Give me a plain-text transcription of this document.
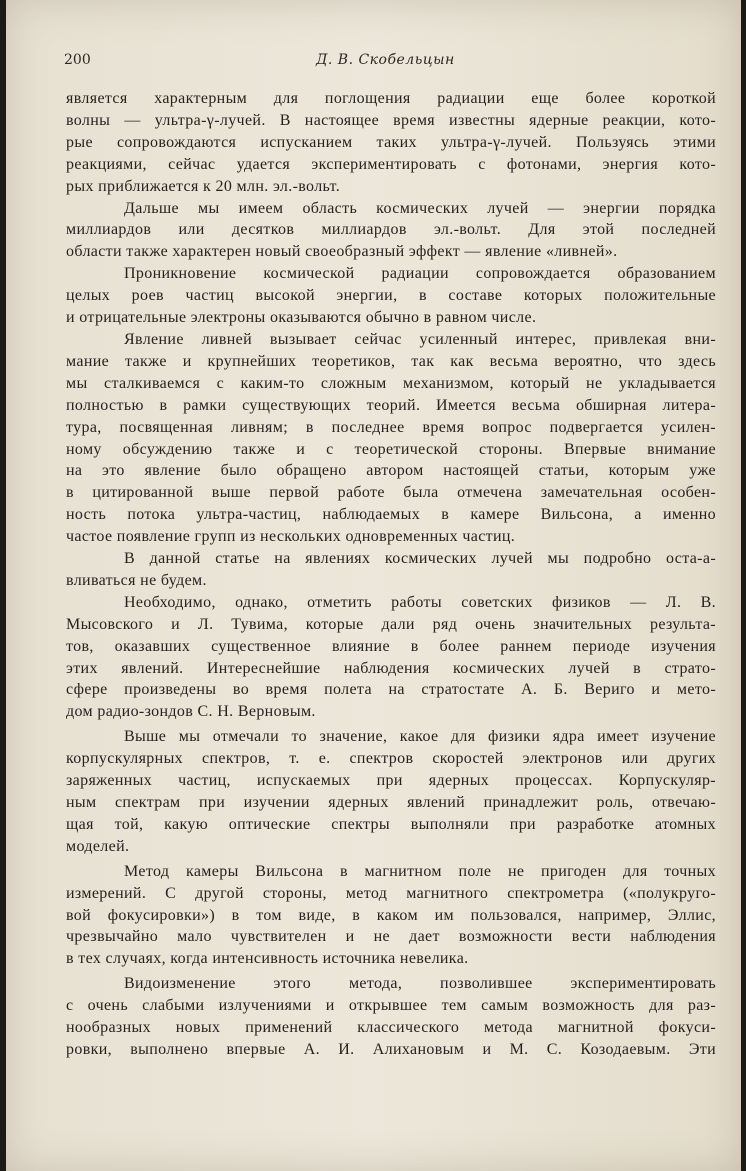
200	Д. В. Скобельцын
является характерным для поглощения радиации еще более короткой
волны — ультра-γ-лучей. В настоящее время известны ядерные реакции, кото-
рые сопровождаются испусканием таких ультра-γ-лучей. Пользуясь этими
реакциями, сейчас удается экспериментировать с фотонами, энергия кото-
рых приближается к 20 млн. эл.-вольт.
Дальше мы имеем область космических лучей — энергии порядка
миллиардов или десятков миллиардов эл.-вольт. Для этой последней
области также характерен новый своеобразный эффект — явление «ливней».
Проникновение космической радиации сопровождается образованием
целых роев частиц высокой энергии, в составе которых положительные
и отрицательные электроны оказываются обычно в равном числе.
Явление ливней вызывает сейчас усиленный интерес, привлекая вни-
мание также и крупнейших теоретиков, так как весьма вероятно, что здесь
мы сталкиваемся с каким-то сложным механизмом, который не укладывается
полностью в рамки существующих теорий. Имеется весьма обширная литера-
тура, посвященная ливням; в последнее время вопрос подвергается усилен-
ному обсуждению также и с теоретической стороны. Впервые внимание
на это явление было обращено автором настоящей статьи, которым уже
в цитированной выше первой работе была отмечена замечательная особен-
ность потока ультра-частиц, наблюдаемых в камере Вильсона, а именно
частое появление групп из нескольких одновременных частиц.
В данной статье на явлениях космических лучей мы подробно оста-а-
вливаться не будем.
Необходимо, однако, отметить работы советских физиков — Л. В.
Мысовского и Л. Тувима, которые дали ряд очень значительных результа-
тов, оказавших существенное влияние в более раннем периоде изучения
этих явлений. Интереснейшие наблюдения космических лучей в страто-
сфере произведены во время полета на стратостате А. Б. Вериго и мето-
дом радио-зондов С. Н. Верновым.
Выше мы отмечали то значение, какое для физики ядра имеет изучение
корпускулярных спектров, т. е. спектров скоростей электронов или других
заряженных частиц, испускаемых при ядерных процессах. Корпускуляр-
ным спектрам при изучении ядерных явлений принадлежит роль, отвечаю-
щая той, какую оптические спектры выполняли при разработке атомных
моделей.
Метод камеры Вильсона в магнитном поле не пригоден для точных
измерений. С другой стороны, метод магнитного спектрометра («полукруго-
вой фокусировки») в том виде, в каком им пользовался, например, Эллис,
чрезвычайно мало чувствителен и не дает возможности вести наблюдения
в тех случаях, когда интенсивность источника невелика.
Видоизменение этого метода, позволившее экспериментировать
с очень слабыми излучениями и открывшее тем самым возможность для раз-
нообразных новых применений классического метода магнитной фокуси-
ровки, выполнено впервые А. И. Алихановым и М. С. Козодаевым. Эти
